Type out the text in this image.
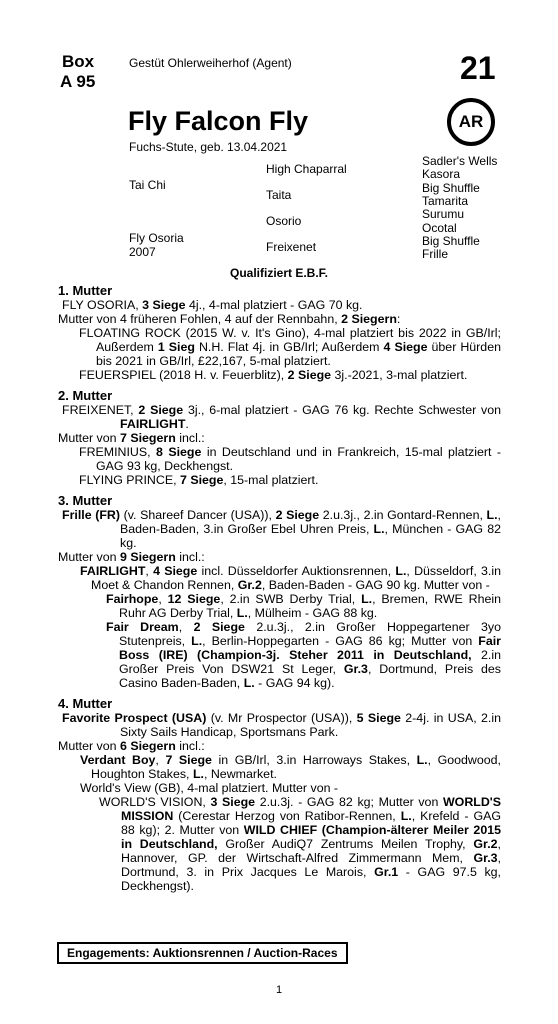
Box
A 95
Gestüt Ohlerweiherhof (Agent)	21
AR
Fly Falcon Fly
Fuchs-Stute, geb. 13.04.2021
Tai Chi
Fly Osoria
2007
High Chaparral
Taita
Osorio
Freixenet
Sadler's Wells
Kasora
Big Shuffle
Tamarita
Surumu
Ocotal
Big Shuffle
Frille
Qualifiziert E.B.F.
1. Mutter

FLY OSORIA, 3 Siege 4j., 4-mal platziert - GAG 70 kg.

Mutter von 4 früheren Fohlen, 4 auf der Rennbahn, 2 Siegern:

FLOATING ROCK (2015 W. v. It's Gino), 4-mal platziert bis 2022 in GB/Irl; Außerdem 1 Sieg N.H. Flat 4j. in GB/Irl; Außerdem 4 Siege über Hürden bis 2021 in GB/Irl, £22,167, 5-mal platziert.

FEUERSPIEL (2018 H. v. Feuerblitz), 2 Siege 3j.-2021, 3-mal platziert.

2. Mutter

FREIXENET, 2 Siege 3j., 6-mal platziert - GAG 76 kg. Rechte Schwester von FAIRLIGHT.

Mutter von 7 Siegern incl.:

FREMINIUS, 8 Siege in Deutschland und in Frankreich, 15-mal platziert - GAG 93 kg, Deckhengst.

FLYING PRINCE, 7 Siege, 15-mal platziert.

3. Mutter

Frille (FR) (v. Shareef Dancer (USA)), 2 Siege 2.u.3j., 2.in Gontard-Rennen, L., Baden-Baden, 3.in Großer Ebel Uhren Preis, L., München - GAG 82 kg.

Mutter von 9 Siegern incl.:

FAIRLIGHT, 4 Siege incl. Düsseldorfer Auktionsrennen, L., Düsseldorf, 3.in Moet & Chandon Rennen, Gr.2, Baden-Baden - GAG 90 kg. Mutter von -

Fairhope, 12 Siege, 2.in SWB Derby Trial, L., Bremen, RWE Rhein Ruhr AG Derby Trial, L., Mülheim - GAG 88 kg.

Fair Dream, 2 Siege 2.u.3j., 2.in Großer Hoppegartener 3yo Stutenpreis, L., Berlin-Hoppegarten - GAG 86 kg; Mutter von Fair Boss (IRE) (Champion-3j. Steher 2011 in Deutschland, 2.in Großer Preis Von DSW21 St Leger, Gr.3, Dortmund, Preis des Casino Baden-Baden, L. - GAG 94 kg).

4. Mutter

Favorite Prospect (USA) (v. Mr Prospector (USA)), 5 Siege 2-4j. in USA, 2.in Sixty Sails Handicap, Sportsmans Park.

Mutter von 6 Siegern incl.:

Verdant Boy, 7 Siege in GB/Irl, 3.in Harroways Stakes, L., Goodwood, Houghton Stakes, L., Newmarket.

World's View (GB), 4-mal platziert. Mutter von -

WORLD'S VISION, 3 Siege 2.u.3j. - GAG 82 kg; Mutter von WORLD'S MISSION (Cerestar Herzog von Ratibor-Rennen, L., Krefeld - GAG 88 kg); 2. Mutter von WILD CHIEF (Champion-älterer Meiler 2015 in Deutschland, Großer AudiQ7 Zentrums Meilen Trophy, Gr.2, Hannover, GP. der Wirtschaft-Alfred Zimmermann Mem, Gr.3, Dortmund, 3. in Prix Jacques Le Marois, Gr.1 - GAG 97.5 kg, Deckhengst).

Engagements: Auktionsrennen / Auction-Races
1
